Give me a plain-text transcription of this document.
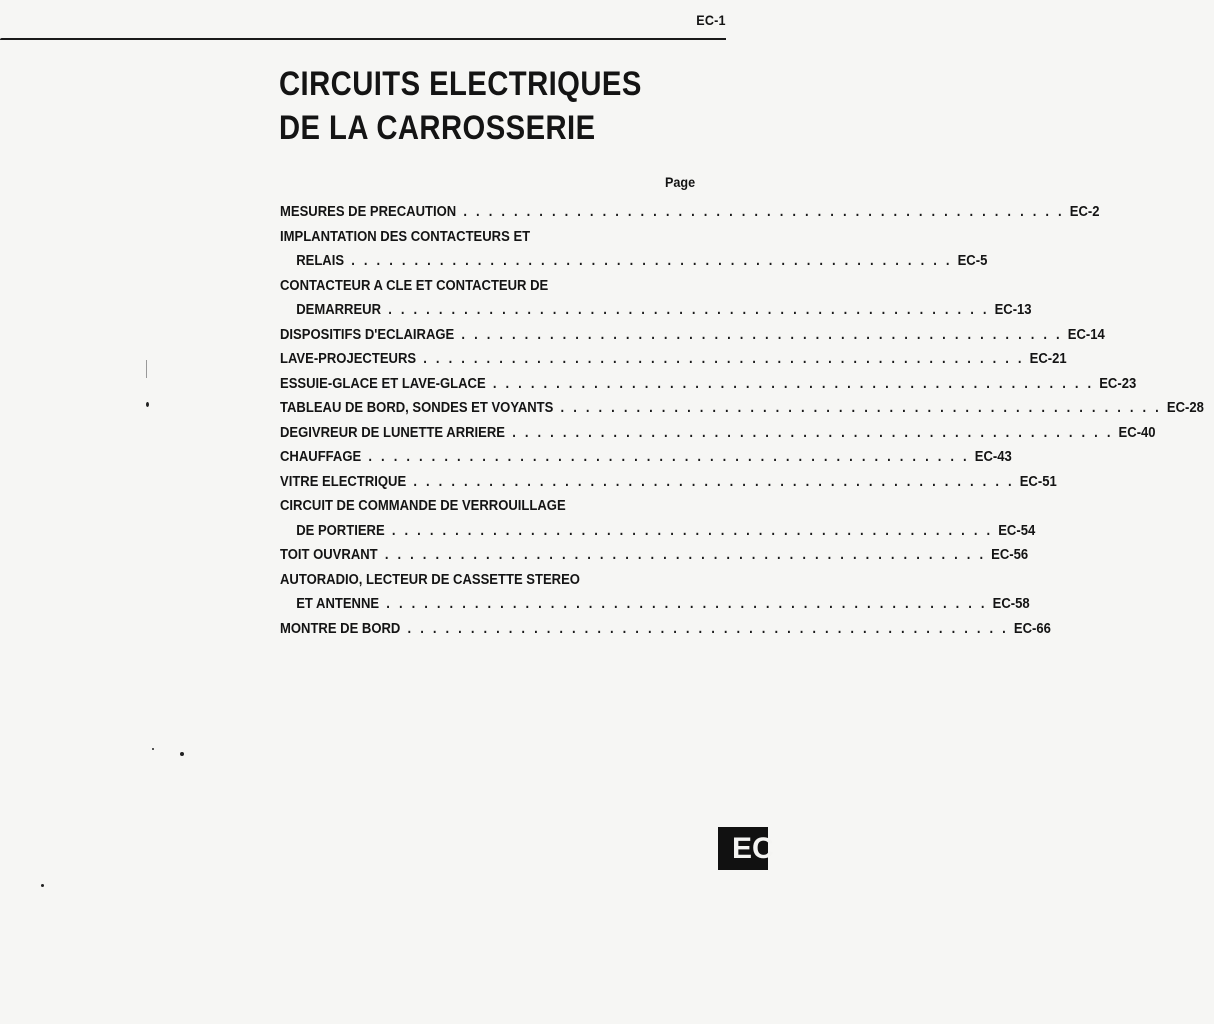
EC-1
CIRCUITS ELECTRIQUES
DE LA CARROSSERIE
Page
MESURES DE PRECAUTION . . .	EC-2
IMPLANTATION DES CONTACTEURS ET
RELAIS . . .	EC-5
CONTACTEUR A CLE ET CONTACTEUR DE
DEMARREUR . . .	EC-13
DISPOSITIFS D'ECLAIRAGE . . .	EC-14
LAVE-PROJECTEURS . . .	EC-21
ESSUIE-GLACE ET LAVE-GLACE . . .	EC-23
TABLEAU DE BORD, SONDES ET VOYANTS . . .	EC-28
DEGIVREUR DE LUNETTE ARRIERE . . .	EC-40
CHAUFFAGE . . .	EC-43
VITRE ELECTRIQUE . . .	EC-51
CIRCUIT DE COMMANDE DE VERROUILLAGE
DE PORTIERE . . .	EC-54
TOIT OUVRANT . . .	EC-56
AUTORADIO, LECTEUR DE CASSETTE STEREO
ET ANTENNE . . .	EC-58
MONTRE DE BORD . . .	EC-66
EC
